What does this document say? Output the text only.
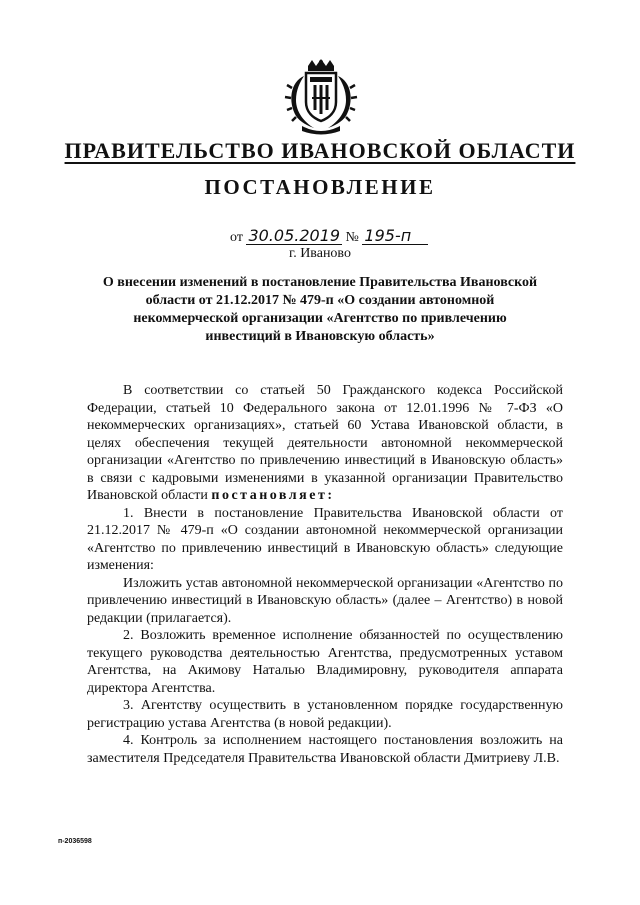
ПРАВИТЕЛЬСТВО ИВАНОВСКОЙ ОБЛАСТИ
ПОСТАНОВЛЕНИЕ
от 30.05.2019 № 195-п
г. Иваново
О внесении изменений в постановление Правительства Ивановской области от 21.12.2017 № 479-п «О создании автономной некоммерческой организации «Агентство по привлечению инвестиций в Ивановскую область»

В соответствии со статьей 50 Гражданского кодекса Российской Федерации, статьей 10 Федерального закона от 12.01.1996 № 7-ФЗ «О некоммерческих организациях», статьей 60 Устава Ивановской области, в целях обеспечения текущей деятельности автономной некоммерческой организации «Агентство по привлечению инвестиций в Ивановскую область» в связи с кадровыми изменениями в указанной организации Правительство Ивановской области постановляет:

1. Внести в постановление Правительства Ивановской области от 21.12.2017 № 479-п «О создании автономной некоммерческой организации «Агентство по привлечению инвестиций в Ивановскую область» следующие изменения:

Изложить устав автономной некоммерческой организации «Агентство по привлечению инвестиций в Ивановскую область» (далее – Агентство) в новой редакции (прилагается).

2. Возложить временное исполнение обязанностей по осуществлению текущего руководства деятельностью Агентства, предусмотренных уставом Агентства, на Акимову Наталью Владимировну, руководителя аппарата директора Агентства.

3. Агентству осуществить в установленном порядке государственную регистрацию устава Агентства (в новой редакции).

4. Контроль за исполнением настоящего постановления возложить на заместителя Председателя Правительства Ивановской области Дмитриеву Л.В.

п-2036598
